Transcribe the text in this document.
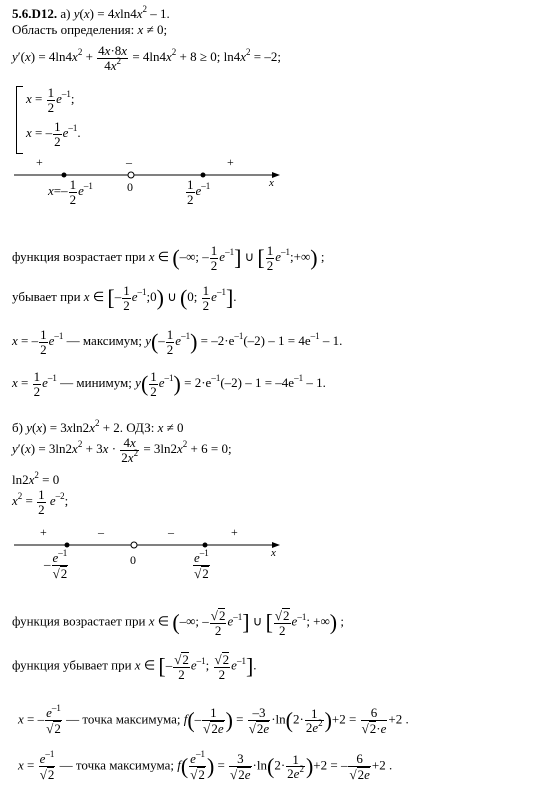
5.6.D12. а) $y(x) = 4xln4x^2 - 1$.
Область определения: x ≠ 0;
$y'(x) = 4\ln 4x^2 + \frac{4x\cdot 8x}{4x^2} = 4\ln 4x^2 + 8 \ge 0$; $\ln 4x^2 = -2$;
$x = \frac{1}{2} e^{-1}$;
x = – $\frac{1}{2} e^{-1}$.
+	–	+
x
0
$x=- \frac{1}{2} e^{-1}$	$\frac{1}{2} e^{-1}$
функция возрастает при x ∈ (–∞; – $\frac{1}{2} e^{-1}$] ∪ [ $\frac{1}{2}$ $e^{-1};+\infty$) ;
убывает при x ∈ [– $\frac{1}{2}$ $e^{-1};0$) ∪ (0; $\frac{1}{2} e^{-1}$].
x = – $\frac{1}{2} e^{-1}$ — максимум; $y(- \frac{1}{2} e^{-1}) = -2\cdot e^{-1}(-2) - 1 = 4e^{-1} - 1$.
$x = \frac{1}{2} e^{-1}$ — минимум; $y( \frac{1}{2} e^{-1}) = 2\cdot e^{-1}(-2) - 1 = -4e^{-1} - 1$.
б) $y(x) = 3xln2x^2 + 2$. ОДЗ: x ≠ 0
$y'(x) = 3\ln 2x^2 + 3x \cdot \frac{4x}{2x^2} = 3\ln 2x^2 + 6 = 0$;
$\ln 2x^2 = 0$
$x^2 = \frac{1}{2} e^{-2}$;
+	–	–	+
x
0
– $\frac{e^{-1}}{√2}$	$\frac{e^{-1}}{√2}$
функция возрастает при x ∈ (–∞; – $\frac{√2}{2} e^{-1}$] ∪ [ $\frac{√2}{2} e^{-1}$; +∞) ;
функция убывает при x ∈ [– $\frac{√2}{2} e^{-1}$; $\frac{√2}{2} e^{-1}$].
x = – $\frac{e^{-1}}{√2}$ — точка максимума; $f(- \frac{1}{√2e}$ ) = $\frac{-3}{√2e} \cdot\ln(2\cdot \frac{1}{2e^2} )+2 = \frac{6}{√2\cdot e} +2$ .
$x = \frac{e^{-1}}{√2}$ — точка максимума; $f( \frac{e^{-1}}{√2}$ ) = $\frac{3}{√2e} \cdot\ln(2\cdot \frac{1}{2e^2} )+2$ = – $\frac{6}{√2e} +2$ .
